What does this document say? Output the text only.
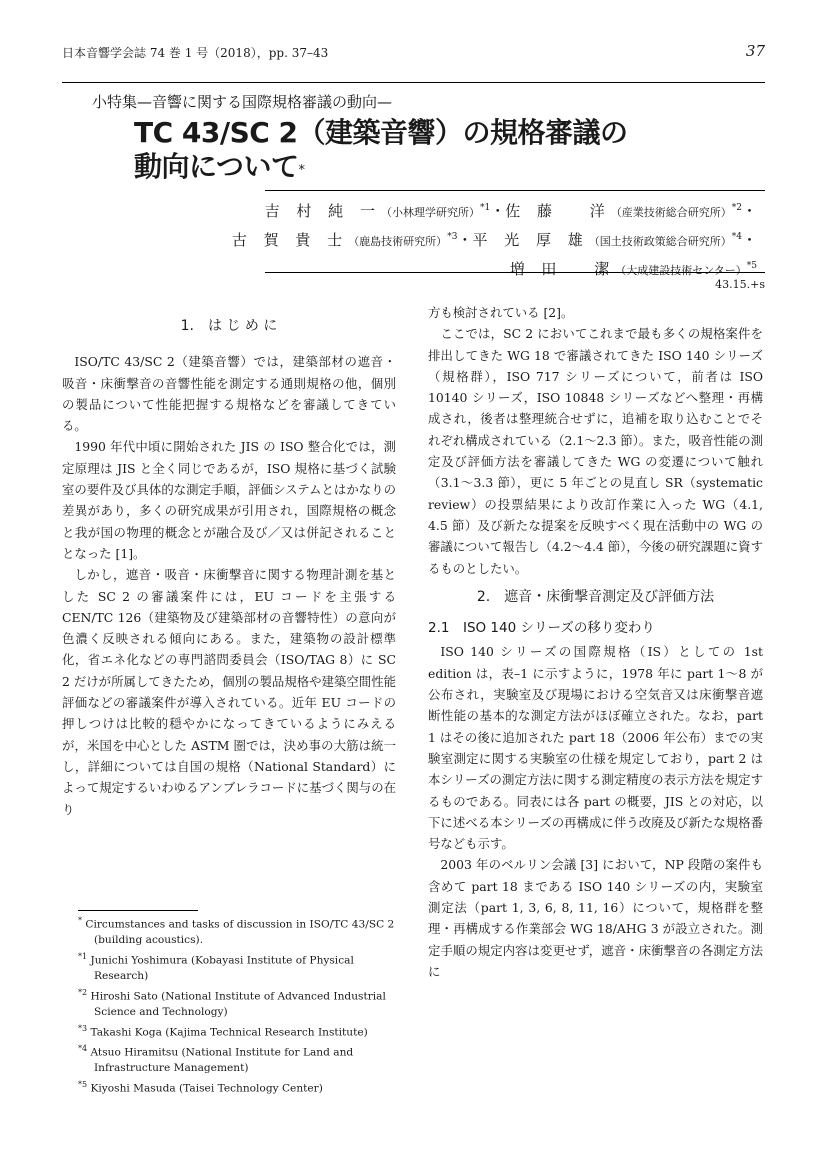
日本音響学会誌 74 巻 1 号（2018），pp. 37–43	37
小特集—音響に関する国際規格審議の動向—
TC 43/SC 2（建築音響）の規格審議の
動向について*
吉 村 純 一（小林理学研究所）$^{*1}$・佐 藤　 洋（産業技術総合研究所）$^{*2}$・
古 賀 貴 士（鹿島技術研究所）$^{*3}$・平 光 厚 雄（国土技術政策総合研究所）$^{*4}$・
増 田　 潔（大成建設技術センター）$^{*5}$
43.15.+s
1.　は じ め に

ISO/TC 43/SC 2（建築音響）では，建築部材の遮音・吸音・床衝撃音の音響性能を測定する通則規格の他，個別の製品について性能把握する規格などを審議してきている。

1990 年代中頃に開始された JIS の ISO 整合化では，測定原理は JIS と全く同じであるが，ISO 規格に基づく試験室の要件及び具体的な測定手順，評価システムとはかなりの差異があり，多くの研究成果が引用され，国際規格の概念と我が国の物理的概念とが融合及び／又は併記されることとなった [1]。

しかし，遮音・吸音・床衝撃音に関する物理計測を基とした SC 2 の審議案件には，EU コードを主張する CEN/TC 126（建築物及び建築部材の音響特性）の意向が色濃く反映される傾向にある。また，建築物の設計標準化，省エネ化などの専門諮問委員会（ISO/TAG 8）に SC 2 だけが所属してきたため，個別の製品規格や建築空間性能評価などの審議案件が導入されている。近年 EU コードの押しつけは比較的穏やかになってきているようにみえるが，米国を中心とした ASTM 圏では，決め事の大筋は統一し，詳細については自国の規格（National Standard）によって規定するいわゆるアンブレラコードに基づく関与の在り

方も検討されている [2]。

ここでは，SC 2 においてこれまで最も多くの規格案件を排出してきた WG 18 で審議されてきた ISO 140 シリーズ（規格群），ISO 717 シリーズについて，前者は ISO 10140 シリーズ，ISO 10848 シリーズなどへ整理・再構成され，後者は整理統合せずに，追補を取り込むことでそれぞれ構成されている（2.1～2.3 節）。また，吸音性能の測定及び評価方法を審議してきた WG の変遷について触れ（3.1～3.3 節），更に 5 年ごとの見直し SR（systematic review）の投票結果により改訂作業に入った WG（4.1, 4.5 節）及び新たな提案を反映すべく現在活動中の WG の審議について報告し（4.2～4.4 節），今後の研究課題に資するものとしたい。

2.　遮音・床衝撃音測定及び評価方法
2.1　ISO 140 シリーズの移り変わり

ISO 140 シリーズの国際規格（IS）としての 1st edition は，表–1 に示すように，1978 年に part 1～8 が公布され，実験室及び現場における空気音又は床衝撃音遮断性能の基本的な測定方法がほぼ確立された。なお，part 1 はその後に追加された part 18（2006 年公布）までの実験室測定に関する実験室の仕様を規定しており，part 2 は本シリーズの測定方法に関する測定精度の表示方法を規定するものである。同表には各 part の概要，JIS との対応，以下に述べる本シリーズの再構成に伴う改廃及び新たな規格番号なども示す。

2003 年のベルリン会議 [3] において，NP 段階の案件も含めて part 18 まである ISO 140 シリーズの内，実験室測定法（part 1, 3, 6, 8, 11, 16）について，規格群を整理・再構成する作業部会 WG 18/AHG 3 が設立された。測定手順の規定内容は変更せず，遮音・床衝撃音の各測定方法に

* Circumstances and tasks of discussion in ISO/TC 43/SC 2 (building acoustics).
$^{*1}$ Junichi Yoshimura (Kobayasi Institute of Physical Research)
$^{*2}$ Hiroshi Sato (National Institute of Advanced Industrial Science and Technology)
$^{*3}$ Takashi Koga (Kajima Technical Research Institute)
$^{*4}$ Atsuo Hiramitsu (National Institute for Land and Infrastructure Management)
$^{*5}$ Kiyoshi Masuda (Taisei Technology Center)
